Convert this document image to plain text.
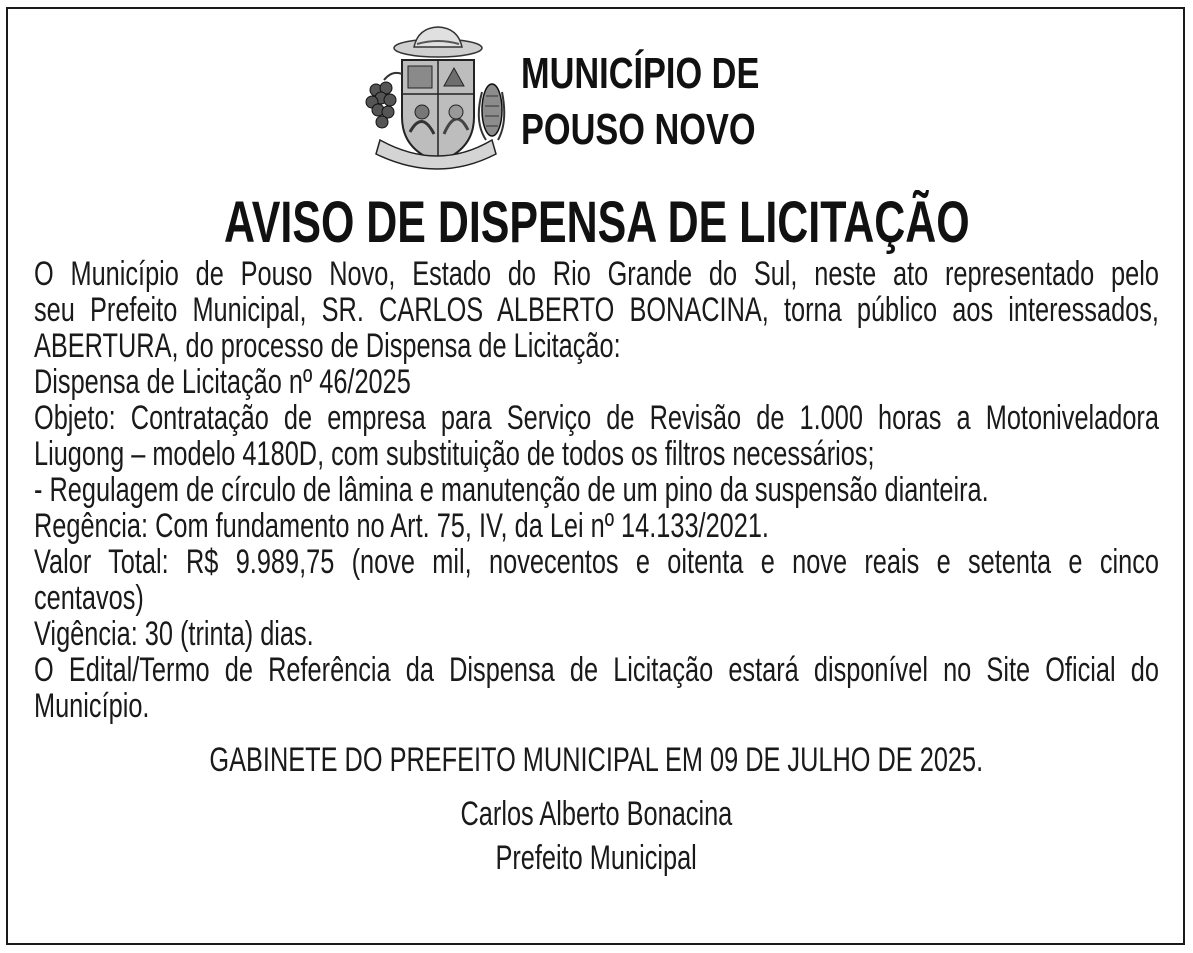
MUNICÍPIO DE
POUSO NOVO
AVISO DE DISPENSA DE LICITAÇÃO
O Município de Pouso Novo, Estado do Rio Grande do Sul, neste ato representado pelo
seu Prefeito Municipal, SR. CARLOS ALBERTO BONACINA, torna público aos interessados,
ABERTURA, do processo de Dispensa de Licitação:
Dispensa de Licitação nº 46/2025
Objeto: Contratação de empresa para Serviço de Revisão de 1.000 horas a Motoniveladora
Liugong – modelo 4180D, com substituição de todos os filtros necessários;
- Regulagem de círculo de lâmina e manutenção de um pino da suspensão dianteira.
Regência: Com fundamento no Art. 75, IV, da Lei nº 14.133/2021.
Valor Total: R$ 9.989,75 (nove mil, novecentos e oitenta e nove reais e setenta e cinco
centavos)
Vigência: 30 (trinta) dias.
O Edital/Termo de Referência da Dispensa de Licitação estará disponível no Site Oficial do
Município.
GABINETE DO PREFEITO MUNICIPAL EM 09 DE JULHO DE 2025.
Carlos Alberto Bonacina
Prefeito Municipal
